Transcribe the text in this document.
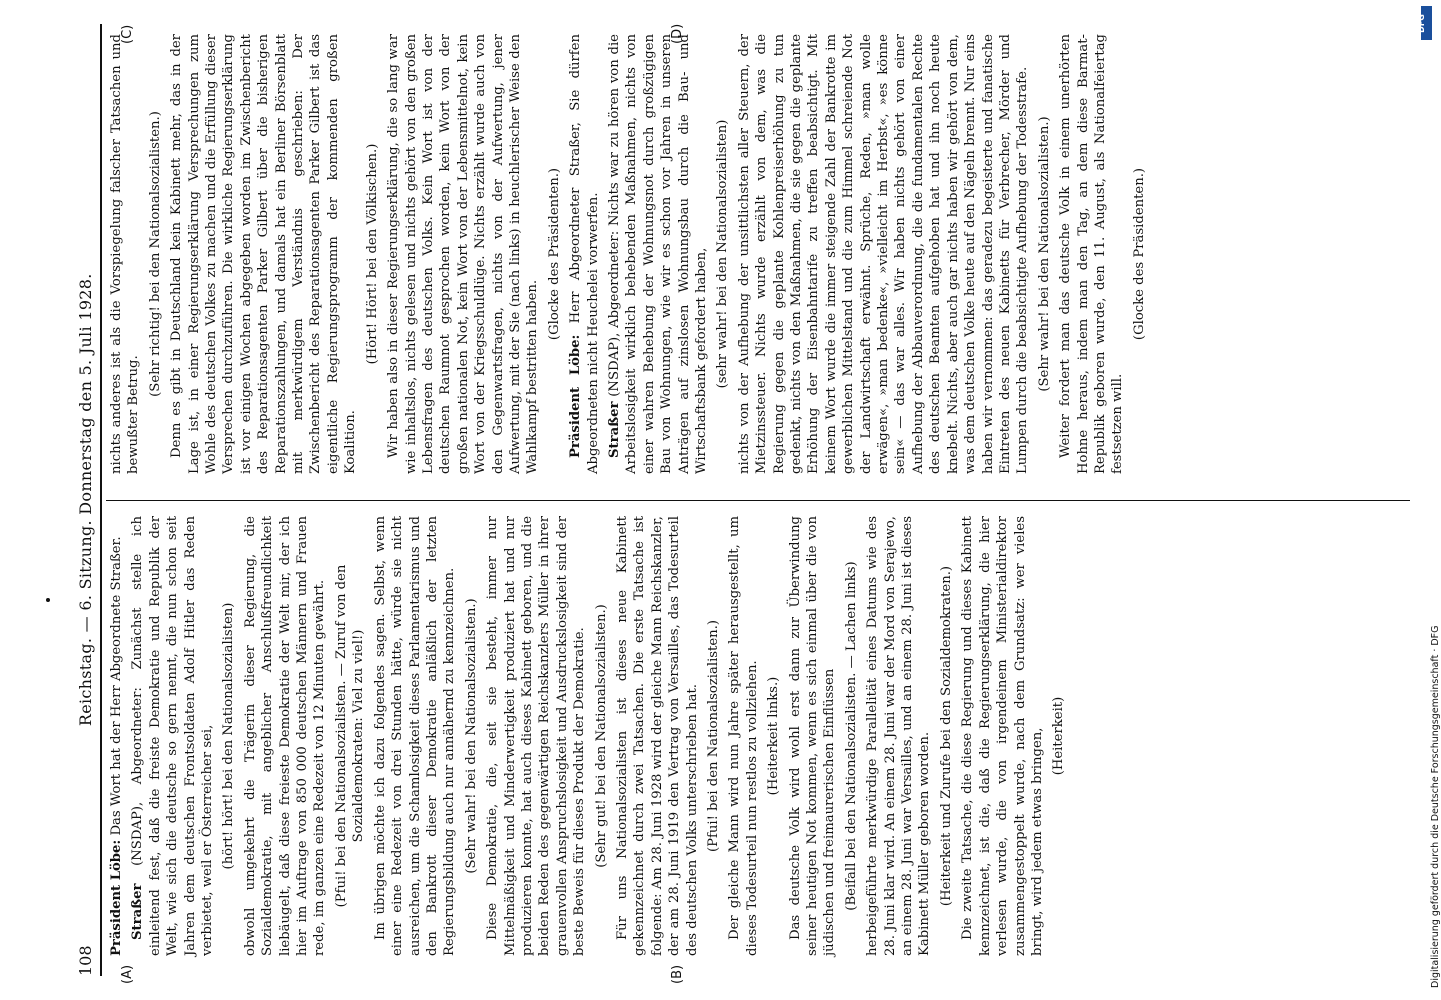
108
Reichstag. — 6. Sitzung. Donnerstag den 5. Juli 1928.
(A)	(B)
(C)	(D)

Präsident Löbe: Das Wort hat der Herr Abgeordnete Straßer.

Straßer (NSDAP), Abgeordneter: Zunächst stelle ich einleitend fest, daß die freiste Demokratie und Republik der Welt, wie sich die deutsche so gern nennt, die nun schon seit Jahren dem deutschen Frontsoldaten Adolf Hitler das Reden verbietet, weil er Österreicher sei, (hört! hört! bei den Nationalsozialisten) obwohl umgekehrt die Trägerin dieser Regierung, die Sozialdemokratie, mit angeblicher Anschlußfreundlichkeit liebäugelt, daß diese freieste Demokratie der Welt mir, der ich hier im Auftrage von 850 000 deutschen Männern und Frauen rede, im ganzen eine Redezeit von 12 Minuten gewährt. (Pfui! bei den Nationalsozialisten. — Zuruf von den Sozialdemokraten: Viel zu viel!) Im übrigen möchte ich dazu folgendes sagen. Selbst, wenn einer eine Redezeit von drei Stunden hätte, würde sie nicht ausreichen, um die Schamlosigkeit dieses Parlamentarismus und den Bankrott dieser Demokratie anläßlich der letzten Regierungsbildung auch nur annähernd zu kennzeichnen. (Sehr wahr! bei den Nationalsozialisten.) Diese Demokratie, die, seit sie besteht, immer nur Mittelmäßigkeit und Minderwertigkeit produziert hat und nur produzieren konnte, hat auch dieses Kabinett geboren, und die beiden Reden des gegenwärtigen Reichskanzlers Müller in ihrer grauenvollen Anspruchslosigkeit und Ausdruckslosigkeit sind der beste Beweis für dieses Produkt der Demokratie. (Sehr gut! bei den Nationalsozialisten.) Für uns Nationalsozialisten ist dieses neue Kabinett gekennzeichnet durch zwei Tatsachen. Die erste Tatsache ist folgende: Am 28. Juni 1928 wird der gleiche Mann Reichskanzler, der am 28. Juni 1919 den Vertrag von Versailles, das Todesurteil des deutschen Volks unterschrieben hat. (Pfui! bei den Nationalsozialisten.) Der gleiche Mann wird nun Jahre später herausgestellt, um dieses Todesurteil nun restlos zu vollziehen. (Heiterkeit links.) Das deutsche Volk wird wohl erst dann zur Überwindung seiner heutigen Not kommen, wenn es sich einmal über die von jüdischen und freimaurerischen Einflüssen (Beifall bei den Nationalsozialisten. — Lachen links) herbeigeführte merkwürdige Parallelität eines Datums wie des 28. Juni klar wird. An einem 28. Juni war der Mord von Serajewo, an einem 28. Juni war Versailles, und an einem 28. Juni ist dieses Kabinett Müller geboren worden. (Heiterkeit und Zurufe bei den Sozialdemokraten.) Die zweite Tatsache, die diese Regierung und dieses Kabinett kennzeichnet, ist die, daß die Regierungserklärung, die hier verlesen wurde, die von irgendeinem Ministerialdirektor zusammengestoppelt wurde, nach dem Grundsatz: wer vieles bringt, wird jedem etwas bringen, (Heiterkeit)

nichts anderes ist als die Vorspiegelung falscher Tatsachen und bewußter Betrug.

(Sehr richtig! bei den Nationalsozialisten.) Denn es gibt in Deutschland kein Kabinett mehr, das in der Lage ist, in einer Regierungserklärung Versprechungen zum Wohle des deutschen Volkes zu machen und die Erfüllung dieser Versprechen durchzuführen. Die wirkliche Regierungserklärung ist vor einigen Wochen abgegeben worden im Zwischenbericht des Reparationsagenten Parker Gilbert über die bisherigen Reparationszahlungen, und damals hat ein Berliner Börsenblatt mit merkwürdigem Verständnis geschrieben: Der Zwischenbericht des Reparationsagenten Parker Gilbert ist das eigentliche Regierungsprogramm der kommenden großen Koalition.

(Hört! Hört! bei den Völkischen.) Wir haben also in dieser Regierungserklärung, die so lang war wie inhaltslos, nichts gelesen und nichts gehört von den großen Lebensfragen des deutschen Volks. Kein Wort ist von der deutschen Raumnot gesprochen worden, kein Wort von der großen nationalen Not, kein Wort von der Lebensmittelnot, kein Wort von der Kriegsschuldlüge. Nichts erzählt wurde auch von den Gegenwartsfragen, nichts von der Aufwertung, jener Aufwertung, mit der Sie (nach links) in heuchlerischer Weise den Wahlkampf bestritten haben.

(Glocke des Präsidenten.)

Präsident Löbe: Herr Abgeordneter Straßer, Sie dürfen Abgeordneten nicht Heuchelei vorwerfen. Straßer (NSDAP), Abgeordneter: Nichts war zu hören von die Arbeitslosigkeit wirklich behebenden Maßnahmen, nichts von einer wahren Behebung der Wohnungsnot durch großzügigen Bau von Wohnungen, wie wir es schon vor Jahren in unseren Anträgen auf zinslosen Wohnungsbau durch die Bau- und Wirtschaftsbank gefordert haben, (sehr wahr! bei den Nationalsozialisten) nichts von der Aufhebung der unsittlichsten aller Steuern, der Mietzinssteuer. Nichts wurde erzählt von dem, was die Regierung gegen die geplante Kohlenpreiserhöhung zu tun gedenkt, nichts von den Maßnahmen, die sie gegen die geplante Erhöhung der Eisenbahntarife zu treffen beabsichtigt. Mit keinem Wort wurde die immer steigende Zahl der Bankrotte im gewerblichen Mittelstand und die zum Himmel schreiende Not der Landwirtschaft erwähnt. Sprüche, Reden, »man wolle erwägen«, »man bedenke«, »vielleicht im Herbst«, »es könne sein« — das war alles. Wir haben nichts gehört von einer Aufhebung der Abbauverordnung, die die fundamentalen Rechte des deutschen Beamten aufgehoben hat und ihn noch heute knebelt. Nichts, aber auch gar nichts haben wir gehört von dem, was dem deutschen Volke heute auf den Nägeln brennt. Nur eins haben wir vernommen: das geradezu begeisterte und fanatische Eintreten des neuen Kabinetts für Verbrecher, Mörder und Lumpen durch die beabsichtigte Aufhebung der Todesstrafe. (Sehr wahr! bei den Nationalsozialisten.) Weiter fordert man das deutsche Volk in einem unerhörten Hohne heraus, indem man den Tag, an dem diese Barmat-Republik geboren wurde, den 11. August, als Nationalfeiertag festsetzen will.

(Glocke des Präsidenten.)

DFG
Digitalisierung gefördert durch die Deutsche Forschungsgemeinschaft · DFG
